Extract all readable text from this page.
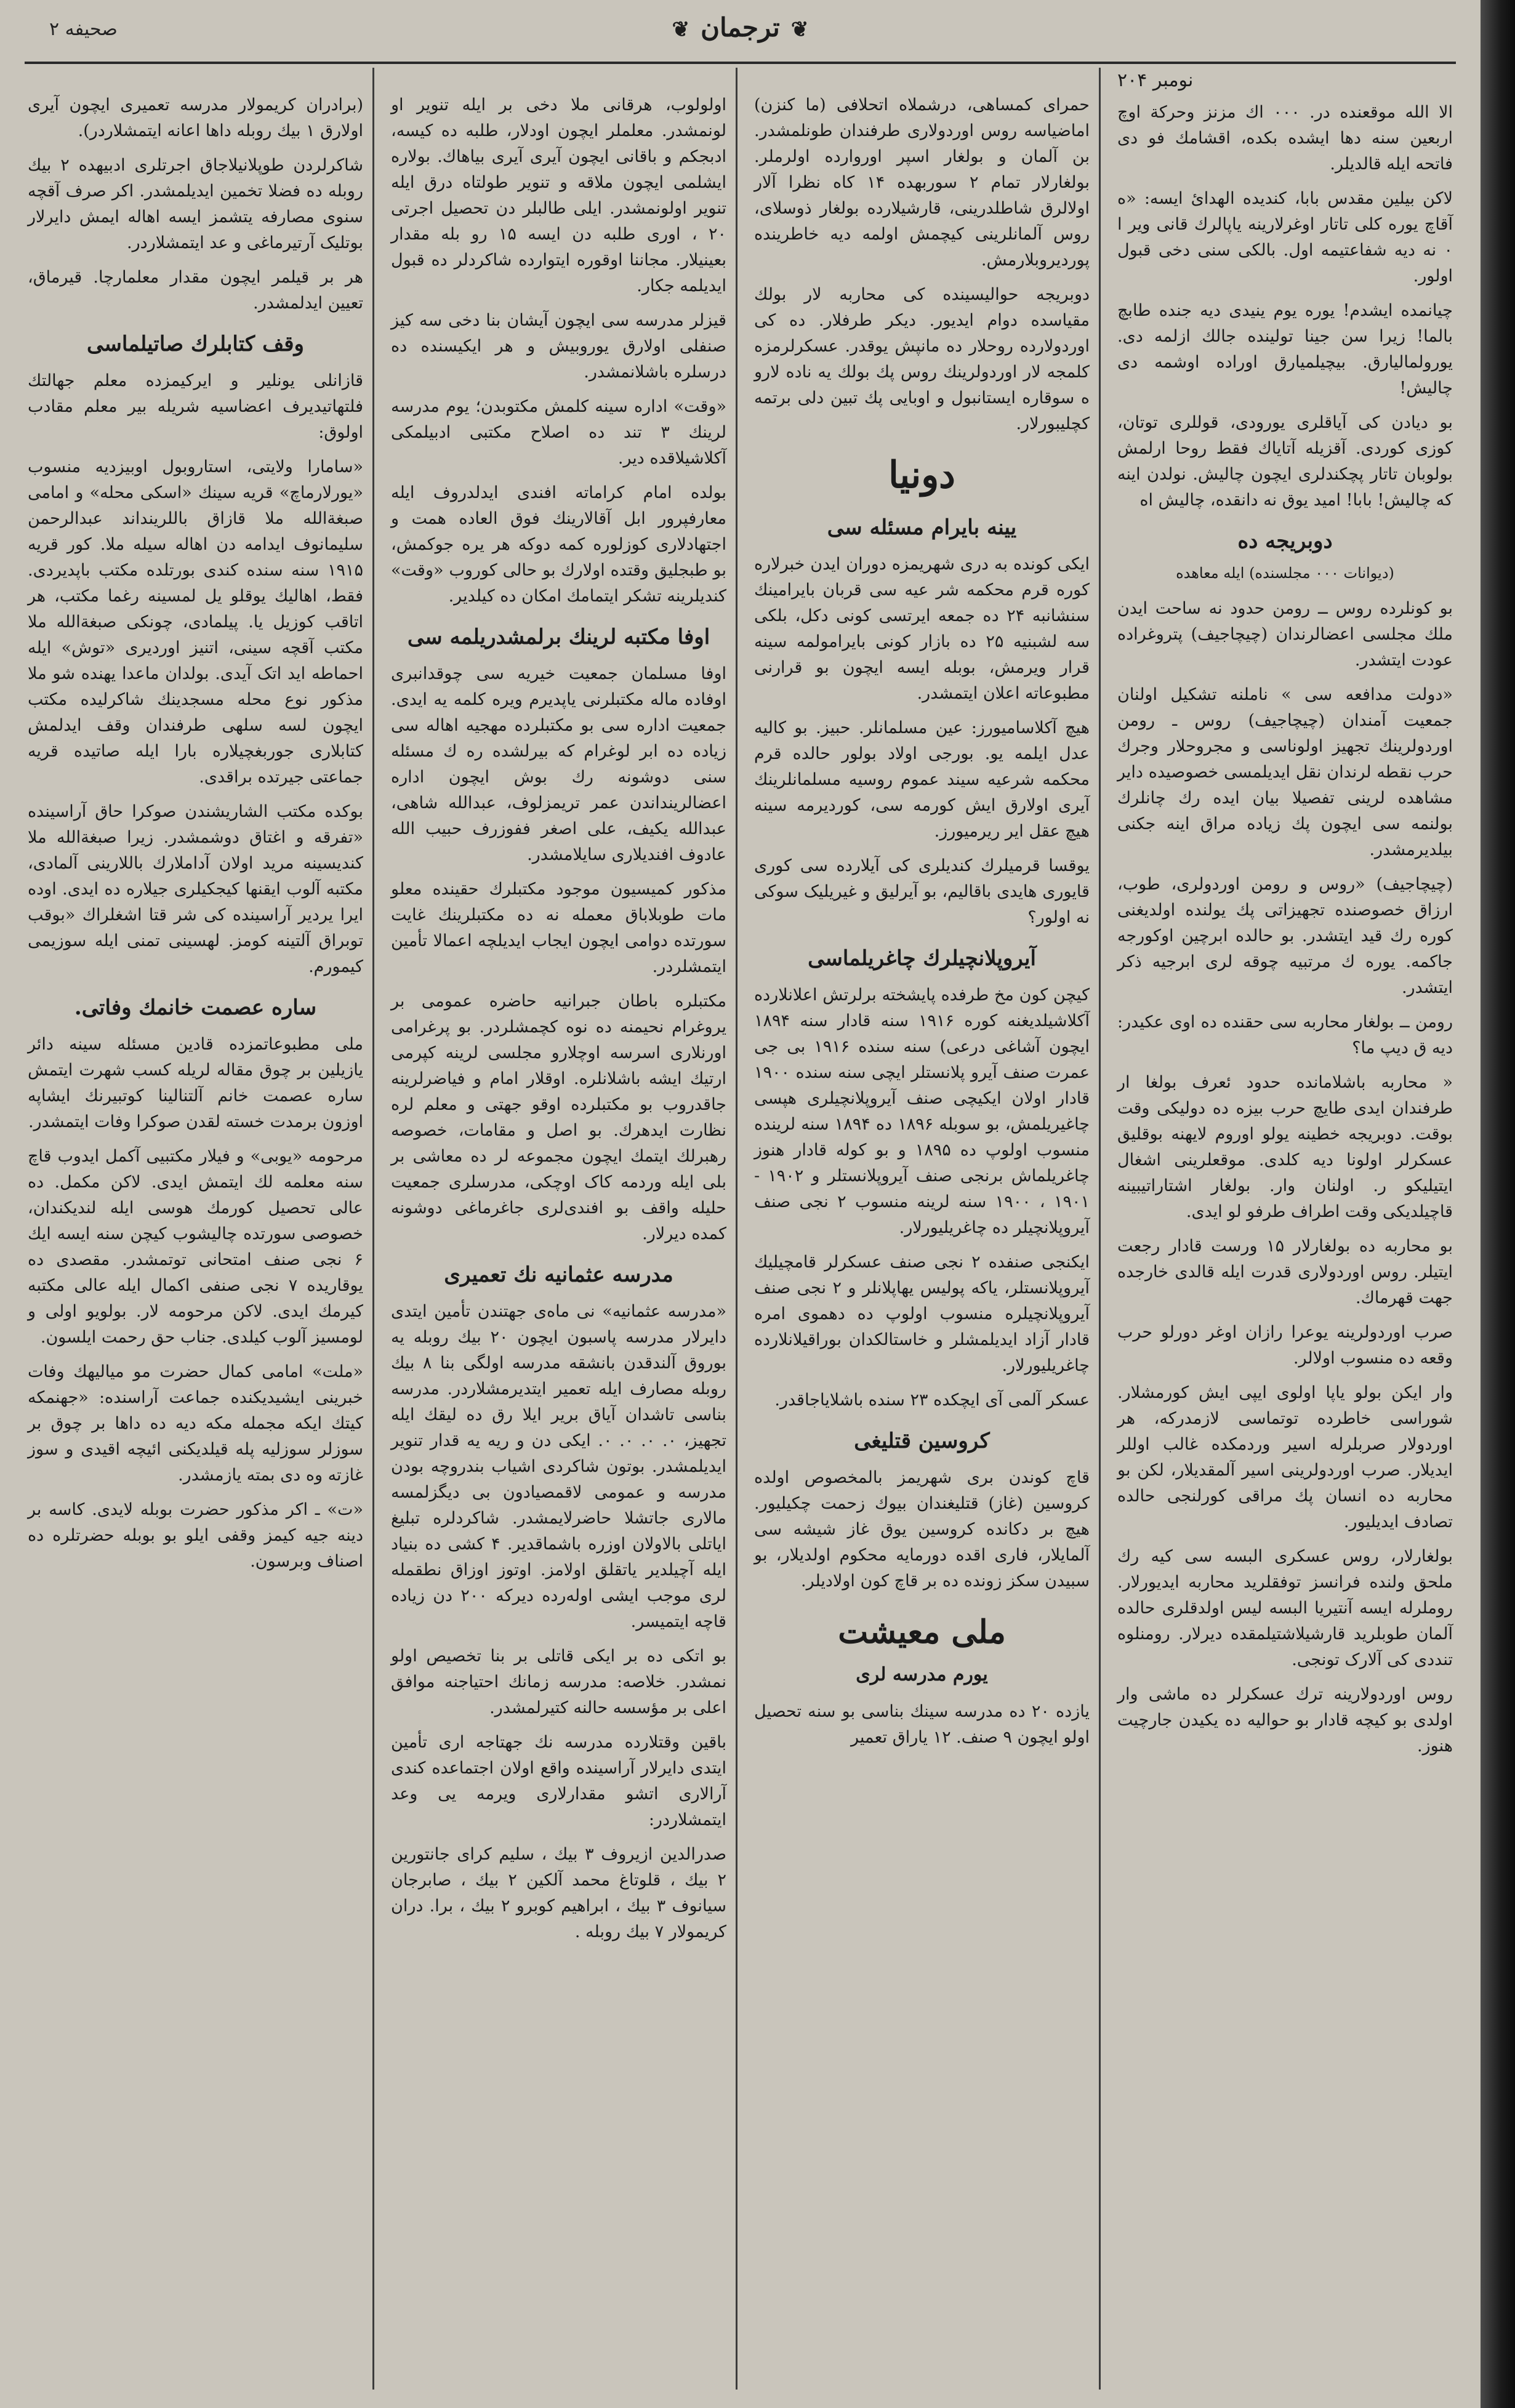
صحیفه ۲	❦ترجمان❦
نومبر ۲۰۴

الا الله موقعنده در. ۰۰۰ اك مزنز وحرکة اوچ اربعین سنه دها ایشده بکده، اقشامك فو دی فاتحه ایله قالدیلر.

لاکن بیلین مقدس بابا، کندیده الهدائ ایسه: «ه آقاچ یوره کلی تاتار اوغرلارینه یاپالرك قانی ویر ا ۰ نه دیه شفاعتیمه اول. بالکی سنی دخی قبول اولور.

چیانمده ایشدم! یوره یوم ینیدی دیه جنده طابچ بالما! زیرا سن جینا تولینده جالك ازلمه دی. یورولمالیارق. بیچیلمیارق اوراده اوشمه دی چالیش!

بو دیادن کی آیاقلری یورودی، قوللری توتان، کوزی کوردی. آقزیله آتایاك فقط روحا ارلمش بولوبان تاتار پچکندلری ایچون چالیش. نولدن اینه که چالیش! بابا! امید یوق نه دانقده، چالیش اه

دوبریجه ده
(دیوانات ۰۰۰ مجلسنده) ایله معاهده

بو کونلرده روس ــ رومن حدود نه ساحت ایدن ملك مجلسی اعضالرندان (چیچاجیف) پتروغراده عودت ایتشدر.

«دولت مدافعه سی » ناملنه تشکیل اولنان جمعیت آمندان (چیچاجیف) روس ـ رومن اوردولرینك تجهیز اولوناسی و مجروحلار وجرك حرب نقطه لرندان نقل ایدیلمسی خصوصیده دایر مشاهده لرینی تفصیلا بیان ایده رك چانلرك بولنمه سی ایچون پك زیاده مراق اینه جکنی بیلدیرمشدر.

(چیچاجیف) «روس و رومن اوردولری، طوب، ارزاق خصوصنده تجهیزاتی پك یولنده اولدیغنی کوره رك قید ایتشدر. بو حالده ابرچین اوکورجه جاکمه. یوره ك مرتبیه چوقه لری ابرجیه ذکر ایتشدر.

رومن ــ بولغار محاربه سی حقنده ده اوی عکیدر: دیه ق دیپ ما؟

« محاربه باشلامانده حدود ئعرف بولغا ار طرفندان ایدی طایچ حرب بیزه ده دولیکی وقت بوقت. دوبریجه خطینه یولو اوروم لایهنه بوقلیق عسکرلر اولونا دیه کلدی. موقعلرینی اشغال ایتیلیکو ر. اولنان وار. بولغار اشتاراتیبینه قاچیلدیکی وقت اطراف طرفو لو ایدی.

بو محاربه ده بولغارلار ۱۵ ورست قادار رجعت ایتیلر. روس اوردولاری قدرت ایله قالدی خارجده جهت قهرماك.

صرب اوردولرینه یوعرا رازان اوغر دورلو حرب وقعه ده منسوب اولالر.

وار ایکن بولو یاپا اولوی ایپی ایش کورمشلار. شوراسی خاطرده توتماسی لازمدرکه، هر اوردولار صربلرله اسیر وردمکده غالب اوللر ایدیلار. صرب اوردولرینی اسیر آلمقدیلار، لکن بو محاربه ده انسان پك مراقی کورلنجی حالده تصادف ایدیلیور.

بولغارلار، روس عسکری البسه سی کیه رك ملحق ولنده فرانسز توفقلرید محاربه ایدیورلار. روملرله ایسه آنتیریا البسه لیس اولدقلری حالده آلمان طوبلرید قارشیلاشتیلمقده دیرلار. رومنلوه تنددی کی آلارک تونجی.

روس اوردولارینه ترك عسکرلر ده ماشی وار اولدی بو کیچه قادار بو حوالیه ده یکیدن جارچیت هنوز.

حمرای کمساهی، درشملاه اتحلافی (ما کنزن) اماضیاسه روس اوردولاری طرفندان طونلمشدر. بن آلمان و بولغار اسپر اوروارده اولرملر. بولغارلار تمام ۲ سوربهده ۱۴ کاه نظرا آلار اولالرق شاطلدرینی، قارشیلارده بولغار ذوسلای، روس آلمانلرینی کیچمش اولمه دیه خاطرینده پوردیروبلارمش.

دوبریجه حوالیسینده کی محاربه لار بولك مقیاسده دوام ایدیور. دیکر طرفلار. ده کی اوردولارده روحلار ده مانپش یوقدر. عسکرلرمزه کلمجه لار اوردولرینك روس پك بولك یه ناده لارو ه سوقاره ایستانبول و اوبایی پك تبین دلی برتمه کچلیبورلار.

دونیا
یینه بایرام مسئله سی

ایکی کونده به دری شهریمزه دوران ایدن خبرلاره کوره قرم محکمه شر عیه سی قربان بایرامینك سنشانبه ۲۴ ده جمعه ایرتسی کونی دکل، بلکی سه لشبنیه ۲۵ ده بازار کونی بایرامولمه سینه قرار ویرمش، بوبله ایسه ایچون بو قرارنی مطبوعاته اعلان ایتمشدر.

هیچ آکلاسامیورز: عین مسلمانلر. حبیز. بو کالیه عدل ایلمه یو. بورجی اولاد بولور حالده قرم محکمه شرعیه سیند عموم روسیه مسلمانلرینك آیری اولارق ایش کورمه سی، کوردیرمه سینه هیچ عقل ایر ریرمیورز.

یوقسا قرمیلرك کندیلری کی آیلارده سی کوری قایوری هایدی باقالیم، بو آیرلیق و غیریلیک سوکی نه اولور؟

آیروپلانچیلرك چاغریلماسی

کیچن کون مخ طرفده پایشخته برلرتش اعلانلارده آکلاشیلدیغنه کوره ۱۹۱۶ سنه قادار سنه ۱۸۹۴ ایچون آشاغی درعی) سنه سنده ۱۹۱۶ بی جی عمرت صنف آیرو پلانستلر ایچی سنه سنده ۱۹۰۰ قادار اولان ایکیچی صنف آیروپلانچیلری هپسی چاغیریلمش، بو سوبله ۱۸۹۶ ده ۱۸۹۴ سنه لرینده منسوب اولوپ ده ۱۸۹۵ و بو کوله قادار هنوز چاغریلماش برنجی صنف آیروپلانستلر و ۱۹۰۲ - ۱۹۰۱ ، ۱۹۰۰ سنه لرینه منسوب ۲ نجی صنف آیروپلانچیلر ده چاغریلیورلار.

ایکنجی صنفده ۲ نجی صنف عسکرلر قامچیلیك آیروپلانستلر، یاکه پولیس یهاپلانلر و ۲ نجی صنف آیروپلانچیلره منسوب اولوپ ده دهموی امره قادار آزاد ایدیلمشلر و خاستالکدان بوراقیلانلارده چاغریلیورلار.

عسکر آلمی آی ایچکده ۲۳ سنده باشلایاجاقدر.

کروسین قتلیغی

قاچ کوندن بری شهریمز بالمخصوص اولده کروسین (غاز) قتلیغندان بیوك زحمت چکیلیور. هیچ بر دکانده کروسین یوق غاز شیشه سی آلمایلار، فاری اقده دورمایه محکوم اولدیلار، بو سبیدن سکز زونده ده بر قاچ کون اولادیلر.

ملی معیشت
یورم مدرسه لری

یازده ۲۰ ده مدرسه سینك بناسی بو سنه تحصیل اولو ایچون ۹ صنف. ۱۲ یاراق تعمیر

اولولوب، هرقانی ملا دخی بر ایله تنویر او لونمشدر. معلملر ایچون اودلار، طلبه ده کیسه، ادبجكم و باقانی ایچون آیری آیری بیاهاك. بولاره ایشلمی ایچون ملاقه و تنویر طولتاه درق ایله تنویر اولونمشدر. ایلی طالبلر دن تحصیل اجرتی ۲۰ ، اوری طلبه دن ایسه ۱۵ رو بله مقدار بعینیلار. مجاننا اوقوره ایتوارده شاکردلر ده قبول ایدیلمه جکار.

قیزلر مدرسه سی ایچون آیشان بنا دخی سه کیز صنفلی اولارق یوروبیش و هر ایکیسنده ده درسلره باشلانمشدر.

«وقت» اداره سینه کلمش مکتوبدن؛ یوم مدرسه لرینك ۳ تند ده اصلاح مکتبی ادبیلمکی آکلاشیلاقده دیر.

بولده امام کراماته افندی ایدلدروف ایله معارفپرور ابل آقالارینك فوق العاده همت و اجتهادلاری کوزلوره کمه دوکه هر یره جوکمش، بو طبجلیق وقتده اولارك بو حالی کوروب «وقت» کندیلرینه تشکر ایتمامك امکان ده کیلدیر.

اوفا مکتبه لرینك برلمشدریلمه سی

اوفا مسلمان جمعیت خیریه سی چوقدانبری اوفاده ماله مکتبلرنی یاپدیرم ویره کلمه یه ایدی. جمعیت اداره سی بو مکتبلرده مهجیه اهاله سی زیاده ده ابر لوغرام که بیرلشده ره ك مسئله سنی دوشونه رك بوش ایچون اداره اعضالرینداندن عمر تریمزلوف، عبدالله شاهی، عبدالله یکیف، علی اصغر ففوزرف حبیب الله عادوف افندیلاری سایلامشدر.

مذکور کمیسیون موجود مکتبلرك حقینده معلو مات طوبلاباق معمله نه ده مکتبلرینك غایت سورتده دوامی ایچون ایجاب ایدیلچه اعمالا تأمین ایتمشلردر.

مکتبلره باطان جبرانیه حاضره عمومی بر یروغرام نحیمنه ده نوه کچمشلردر. بو پرغرامی اورنلاری اسرسه اوچلارو مجلسی لرینه کپرمی ارتیك ایشه باشلانلره. اوقلار امام و فیاضرلرینه جاقدروب بو مکتبلرده اوقو جهتی و معلم لره نظارت ایدهرك. بو اصل و مقامات، خصوصه رهبرلك ایتمك ایچون مجموعه لر ده معاشی بر بلی ایله وردمه کاک اوچکی، مدرسلری جمعیت حلیله واقف بو افندی‌لری جاغرماغی دوشونه کمده دیرلار.

مدرسه عثمانیه نك تعمیری

«مدرسه عثمانیه» نی ماه‌ی جهتندن تأمین ایتدی دایرلار مدرسه پاسبون ایچون ۲۰ بیك روبله یه بوروق آلندقدن بانشقه مدرسه اولگی بنا ۸ بیك روبله مصارف ایله تعمیر ایتدیرمشلاردر. مدرسه بناسی تاشدان آیاق بریر ایلا رق ده لیقك ایله تجهیز، ۰. ۰. ۰. ۰. ایکی دن و ریه یه قدار تنویر ایدیلمشدر. بوتون شاکردی اشیاب بندروچه بودن مدرسه و عمومی لاقمصیادون بی دیگزلمسه مالاری جاتشلا حاضرلایمشدر. شاکردلره تبلیغ ایاتلی بالاولان اوزره باشماقدیر. ۴ کشی ده بنیاد ایله آچیلدیر یاتقلق اولامز. اوتوز اوزاق نطقمله لری موجب ایشی اوله‌رده دیرکه ۲۰۰ دن زیاده قاچه ایتمیسر.

بو اتکی ده بر ایکی قاتلی بر بنا تخصیص اولو نمشدر. خلاصه: مدرسه زمانك احتیاجنه موافق اعلی بر مؤسسه حالنه کتیرلمشدر.

باقین وقتلارده مدرسه نك جهتاجه اری تأمین ایتدی دایرلار آراسینده واقع اولان اجتماعده کندی آرالاری اتشو مقدارلاری ویرمه یی وعد ایتمشلاردر:

صدرالدین ازیروف ۳ بیك ، سلیم کرای جانتورین ۲ بیك ، قلوتاغ محمد آلکین ۲ بیك ، صابرجان سیانوف ۳ بیك ، ابراهیم کوبرو ۲ بیك ، برا. دران کریمولار ۷ بیك روبله .

(برادران کریمولار مدرسه تعمیری ایچون آیری اولارق ۱ بیك روبله داها اعانه ایتمشلاردر).

شاکرلردن طوپلانیلاجاق اجرتلری ادبیهده ۲ بیك روبله ده فضلا تخمین ایدیلمشدر. اکر صرف آقچه سنوی مصارفه یتشمز ایسه اهاله ایمش دایرلار بوتلیک آرتیرماغی و عد ایتمشلاردر.

هر بر قیلمر ایچون مقدار معلمارچا. قیرماق، تعیین ایدلمشدر.

وقف کتابلرك صاتیلماسی

قازانلی یونلیر و ایرکیمزده معلم جهالتك فلتهاتیدیرف اعضاسیه شریله بیر معلم مقادب اولوق:

«سامارا ولایتی، استاروبول اوبیزدیه منسوب «یورلارماچ» قریه سینك «اسکی محله» و امامی صبغةالله ملا قازاق باللرینداند عبدالرحمن سلیمانوف ایدامه دن اهاله سیله ملا. کور قریه ۱۹۱۵ سنه سنده کندی بورتلده مکتب باپدیردی. فقط، اهالیك یوقلو یل لمسینه رغما مکتب، هر اتاقب کوزیل یا. پیلمادی، چونکی صبغةالله ملا مکتب آقچه سینی، اتنیز اوردیری «توش» ایله احماطه اید اتک آیدی. بولدان ماعدا یهنده شو ملا مذکور نوع محله مسجدینك شاکرلیده مکتب ایچون لسه سلهی طرفندان وقف ایدلمش کتابلاری جوربغچیلاره بارا ایله صاتیده قریه جماعتی جیرتده براقدی.

بوکده مکتب الشاریشندن صوکرا حاق آراسینده «تفرقه و اغتاق دوشمشدر. زیرا صبغةالله ملا کندیسینه مرید اولان آداملارك باللارینی آلمادی، مکتبه آلوب ایقنها کیجکیلری جیلاره ده ایدی. اوده ایرا یردیر آراسینده کی شر قتا اشغلراك «بوقب توبراق آلتینه کومز. لهسینی تمنی ایله سوزیمی کیمورم.

ساره عصمت خانمك وفاتی.

ملی مطبوعاتمزده قادین مسئله سینه دائر یازیلین بر چوق مقاله لریله کسب شهرت ایتمش ساره عصمت خانم آلتنالینا کوتبیرنك ایشاپه اوزون برمدت خسته لقدن صوکرا وفات ایتمشدر.

مرحومه «یوبی» و فیلار مکتبیی آکمل ایدوب قاچ سنه معلمه لك ایتمش ایدی. لاکن مکمل. ده عالی تحصیل کورمك هوسی ایله لندیکندان، خصوصی سورتده چالیشوب کیچن سنه ایسه ایك ۶ نجی صنف امتحانی توتمشدر. مقصدی ده یوقاریده ۷ نجی صنفی اکمال ایله عالی مکتبه کیرمك ایدی. لاکن مرحومه لار. بولویو اولی و لومسیز آلوب کیلدی. جناب حق رحمت ایلسون.

«ملت» امامی کمال حضرت مو میالیهك وفات خبرینی ایشیدیکنده جماعت آراسنده: «جهنمکه کیتك ایکه مجمله مکه دیه ده داها بر چوق بر سوزلر سوزلیه پله قیلدیکنی ائیچه اقیدی و سوز غازته وه دی بمته یازمشدر.

«ت» ـ اکر مذکور حضرت بوبله لایدی. کاسه بر دینه جیه کیمز وقفی ایلو بو بوبله حضرتلره ده اصناف وبرسون.
